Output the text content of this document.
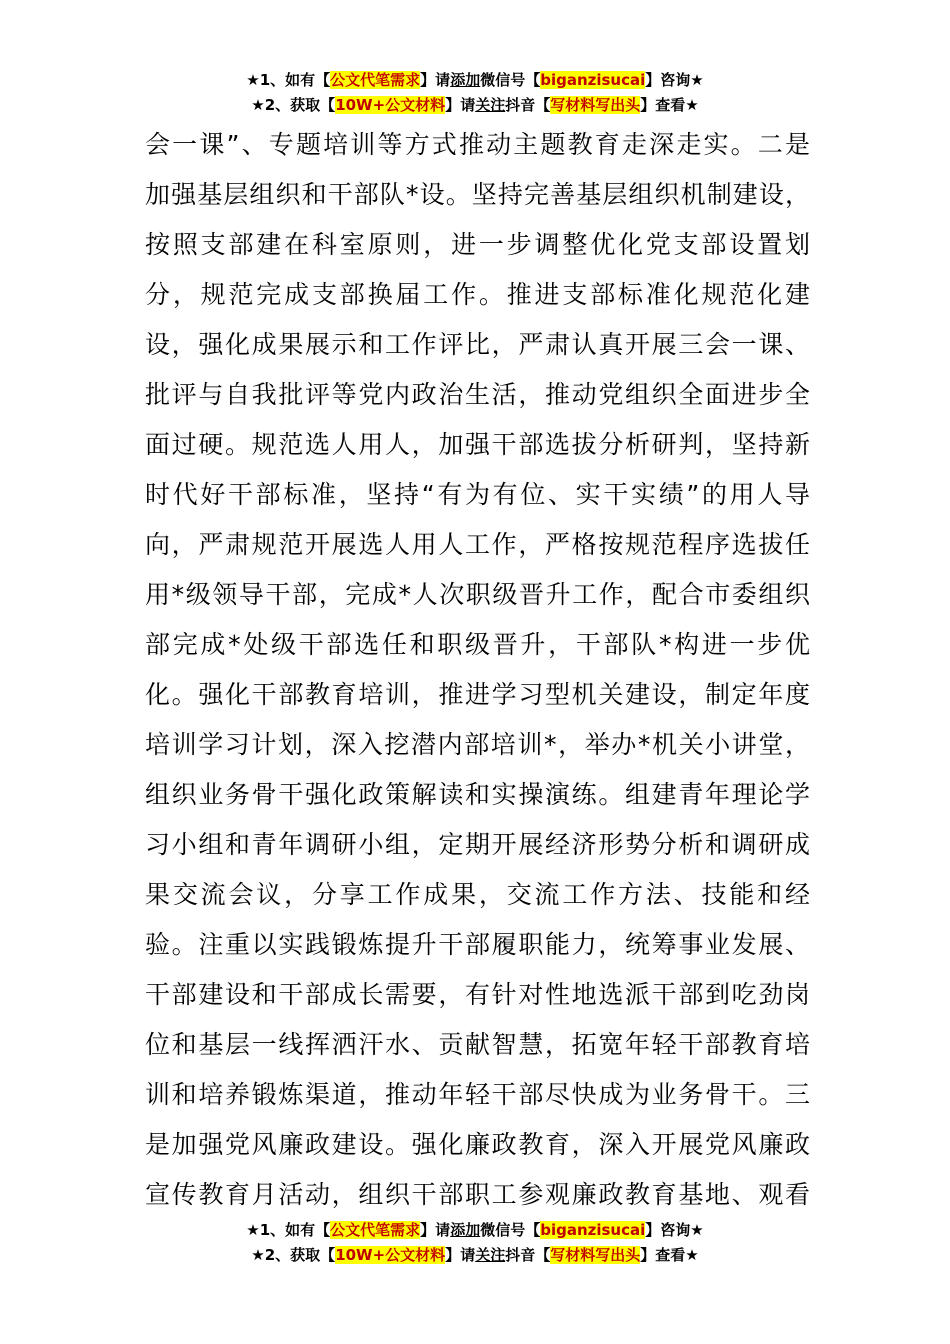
★1、如有【公文代笔需求】请添加微信号【biganzisucai】咨询★
★2、获取【10W+公文材料】请关注抖音【写材料写出头】查看★
会一课”、专题培训等方式推动主题教育走深走实。二是
加强基层组织和干部队*设。坚持完善基层组织机制建设，
按照支部建在科室原则，进一步调整优化党支部设置划
分，规范完成支部换届工作。推进支部标准化规范化建
设，强化成果展示和工作评比，严肃认真开展三会一课、
批评与自我批评等党内政治生活，推动党组织全面进步全
面过硬。规范选人用人，加强干部选拔分析研判，坚持新
时代好干部标准，坚持“有为有位、实干实绩”的用人导
向，严肃规范开展选人用人工作，严格按规范程序选拔任
用*级领导干部，完成*人次职级晋升工作，配合市委组织
部完成*处级干部选任和职级晋升，干部队*构进一步优
化。强化干部教育培训，推进学习型机关建设，制定年度
培训学习计划，深入挖潜内部培训*，举办*机关小讲堂，
组织业务骨干强化政策解读和实操演练。组建青年理论学
习小组和青年调研小组，定期开展经济形势分析和调研成
果交流会议，分享工作成果，交流工作方法、技能和经
验。注重以实践锻炼提升干部履职能力，统筹事业发展、
干部建设和干部成长需要，有针对性地选派干部到吃劲岗
位和基层一线挥洒汗水、贡献智慧，拓宽年轻干部教育培
训和培养锻炼渠道，推动年轻干部尽快成为业务骨干。三
是加强党风廉政建设。强化廉政教育，深入开展党风廉政
宣传教育月活动，组织干部职工参观廉政教育基地、观看
★1、如有【公文代笔需求】请添加微信号【biganzisucai】咨询★
★2、获取【10W+公文材料】请关注抖音【写材料写出头】查看★
